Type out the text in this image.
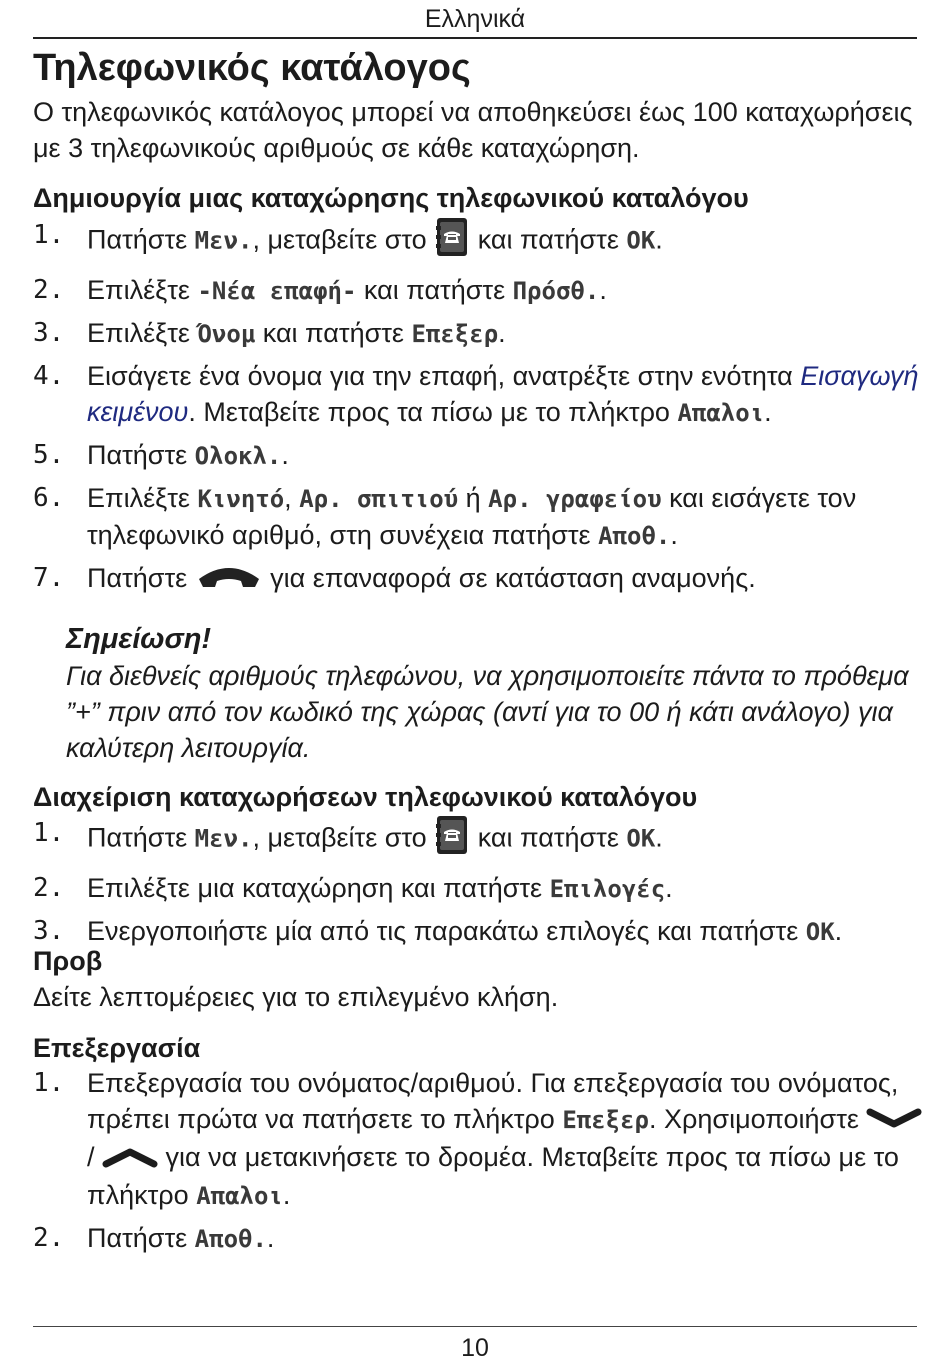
Ελληνικά
Τηλεφωνικός κατάλογος

Ο τηλεφωνικός κατάλογος μπορεί να αποθηκεύσει έως 100 καταχωρήσεις με 3 τηλεφωνικούς αριθμούς σε κάθε καταχώρηση.

Δημιουργία μιας καταχώρησης τηλεφωνικού καταλόγου
1. Πατήστε Μεν., μεταβείτε στο  και πατήστε OK.
2. Επιλέξτε -Νέα επαφή- και πατήστε Πρόσθ..
3. Επιλέξτε Όνομ και πατήστε Επεξερ.
4. Εισάγετε ένα όνομα για την επαφή, ανατρέξτε στην ενότητα Εισαγωγή κειμένου. Μεταβείτε προς τα πίσω με το πλήκτρο Απαλοι.
5. Πατήστε Ολοκλ..
6. Επιλέξτε Κινητό, Αρ. σπιτιού ή Αρ. γραφείου και εισάγετε τον τηλεφωνικό αριθμό, στη συνέχεια πατήστε Αποθ..
7. Πατήστε	για επαναφορά σε κατάσταση αναμονής.

Σημείωση!

Για διεθνείς αριθμούς τηλεφώνου, να χρησιμοποιείτε πάντα το πρόθεμα ”+” πριν από τον κωδικό της χώρας (αντί για το 00 ή κάτι ανάλογο) για καλύτερη λειτουργία.

Διαχείριση καταχωρήσεων τηλεφωνικού καταλόγου
1. Πατήστε Μεν., μεταβείτε στο  και πατήστε OK.
2. Επιλέξτε μια καταχώρηση και πατήστε Επιλογές.
3. Ενεργοποιήστε μία από τις παρακάτω επιλογές και πατήστε OK.
Προβ

Δείτε λεπτομέρειες για το επιλεγμένο κλήση.

Επεξεργασία
1. Επεξεργασία του ονόματος/αριθμού. Για επεξεργασία του ονόματος, πρέπει πρώτα να πατήσετε το πλήκτρο Επεξερ. Χρησιμοποιήστε  /  για να μετακινήσετε το δρομέα. Μεταβείτε προς τα πίσω με το πλήκτρο Απαλοι.
2. Πατήστε Αποθ..
10
